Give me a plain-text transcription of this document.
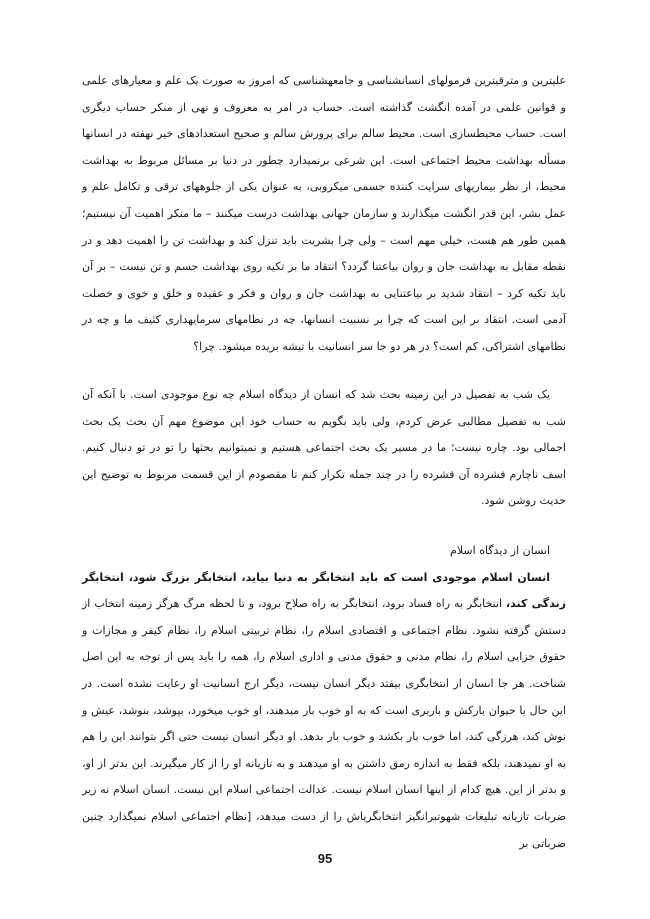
علیترین و مترقیترین فرمولهای انسانشناسی و جامعهشناسی که امروز به صورت یک علم و معیارهای علمی و قوانین علمی در آمده انگشت گذاشته است. حساب در امر به معروف و نهی از منکر حساب دیگری است. حساب محیطسازی است. محیط سالم برای پرورش سالم و صحیح استعدادهای خیر نهفته در انسانها مسأله بهداشت محیط اجتماعی است. این شرعی برنمیدارد چطور در دنیا بر مسائل مربوط به بهداشت محیط، از نظر بیماریهای سرایت کننده جسمی میکروبی، به عنوان یکی از جلوههای ترقی و تکامل علم و عمل بشر، این قدر انگشت میگذارند و سازمان جهانی بهداشت درست میکنند – ما منکر اهمیت آن نیستیم؛ همین طور هم هست، خیلی مهم است – ولی چرا بشریت باید تنزل کند و بهداشت تن را اهمیت دهد و در نقطه مقابل به بهداشت جان و روان بیاعتنا گردد؟ انتقاد ما بر تکیه روی بهداشت جسم و تن نیست – بر آن باید تکیه کرد – انتقاد شدید بر بیاعتنایی به بهداشت جان و روان و فکر و عقیده و خلق و خوی و خصلت آدمی است. انتقاد بر این است که چرا بر نسبیت انسانها، چه در نظامهای سرمایهداری کثیف ما و چه در نظامهای اشتراکی، کم است؟ در هر دو جا سر انسانیت با تیشه بریده میشود. چرا؟

یک شب به تفصیل در این زمینه بحث شد که انسان از دیدگاه اسلام چه نوع موجودی است. با آنکه آن شب به تفصیل مطالبی عرض کردم، ولی باید بگویم به حساب خود این موضوع مهم آن بحث یک بحث اجمالی بود. چاره نیست؛ ما در مسیر یک بحث اجتماعی هستیم و نمیتوانیم بحثها را تو در تو دنبال کنیم. اسف ناچارم فشرده آن فشرده را در چند جمله تکرار کنم تا مقصودم از این قسمت مربوط به توضیح این حدیث روشن شود.

انسان از دیدگاه اسلام

انسان اسلام موجودی است که باید انتخابگر به دنیا بیاید، انتخابگر بزرگ شود، انتخابگر زندگی کند، انتخابگر به راه فساد برود، انتخابگر به راه صلاح برود، و تا لحظه مرگ هرگز زمینه انتخاب از دستش گرفته نشود. نظام اجتماعی و اقتصادی اسلام را، نظام تربیتی اسلام را، نظام کیفر و مجازات و حقوق جزایی اسلام را، نظام مدنی و حقوق مدنی و اداری اسلام را، همه را باید پس از توجه به این اصل شناخت. هر جا انسان از انتخابگری بیفتد دیگر انسان نیست، دیگر ارج انسانیت او رعایت نشده است. در این حال یا حیوان بارکش و باربری است که به او خوب بار میدهند، او خوب میخورد، بپوشد، بنوشد، عیش و نوش کند، هرزگی کند، اما خوب بار بکشد و خوب بار بدهد. او دیگر انسان نیست حتی اگر بتوانند این را هم به او نمیدهند، بلکه فقط به اندازه رمق داشتن به او میدهند و به تازیانه او را از کار میگیرند. این بدتر از او، و بدتر از این. هیچ کدام از اینها انسان اسلام نیست. عدالت اجتماعی اسلام این نیست. انسان اسلام نه زیر ضربات تازیانه تبلیغات شهوتبرانگیز انتخابگریاش را از دست میدهد، [نظام اجتماعی اسلام نمیگذارد چنین ضرباتی بر

95
